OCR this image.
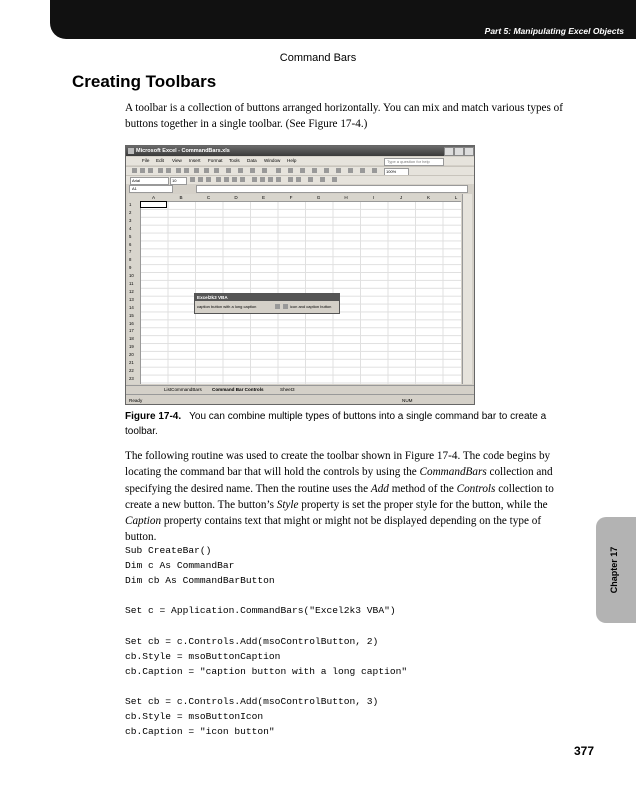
Part 5: Manipulating Excel Objects
Command Bars
Creating Toolbars

A toolbar is a collection of buttons arranged horizontally. You can mix and match various types of buttons together in a single toolbar. (See Figure 17-4.)

Microsoft Excel - CommandBars.xls
File Edit View Insert Format Tools Data Window Help	Type a question for help
100%
Arial	10
A1
A	B	C	D	E	F	G	H	I	J	K	L
1
2
3
4
5
6
7
8
9
10
11
12
13
14
15
16
17
18
19
20
21
22
23
Excel2k3 VBA
caption button with a long caption	icon and caption button
ListCommandBars Command Bar Controls	Sheet3
Ready	NUM

Figure 17-4. You can combine multiple types of buttons into a single command bar to create a toolbar.

The following routine was used to create the toolbar shown in Figure 17-4. The code begins by locating the command bar that will hold the controls by using the CommandBars collection and specifying the desired name. Then the routine uses the Add method of the Controls collection to create a new button. The button’s Style property is set the proper style for the button, while the Caption property contains text that might or might not be displayed depending on the type of button.

Sub CreateBar()
Dim c As CommandBar
Dim cb As CommandBarButton

Set c = Application.CommandBars("Excel2k3 VBA")

Set cb = c.Controls.Add(msoControlButton, 2)
cb.Style = msoButtonCaption
cb.Caption = "caption button with a long caption"

Set cb = c.Controls.Add(msoControlButton, 3)
cb.Style = msoButtonIcon
cb.Caption = "icon button"
Chapter 17
377
